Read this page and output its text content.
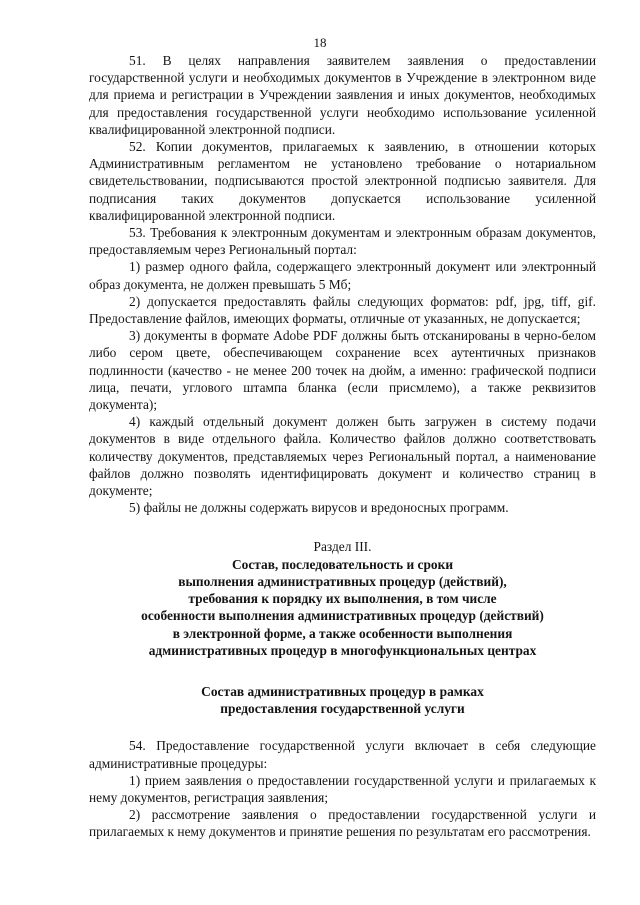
18

51. В целях направления заявителем заявления о предоставлении государственной услуги и необходимых документов в Учреждение в электронном виде для приема и регистрации в Учреждении заявления и иных документов, необходимых для предоставления государственной услуги необходимо использование усиленной квалифицированной электронной подписи.

52. Копии документов, прилагаемых к заявлению, в отношении которых Административным регламентом не установлено требование о нотариальном свидетельствовании, подписываются простой электронной подписью заявителя. Для подписания таких документов допускается использование усиленной квалифицированной электронной подписи.

53. Требования к электронным документам и электронным образам документов, предоставляемым через Региональный портал:

1) размер одного файла, содержащего электронный документ или электронный образ документа, не должен превышать 5 Мб;

2) допускается предоставлять файлы следующих форматов: pdf, jpg, tiff, gif. Предоставление файлов, имеющих форматы, отличные от указанных, не допускается;

3) документы в формате Adobe PDF должны быть отсканированы в черно-белом либо сером цвете, обеспечивающем сохранение всех аутентичных признаков подлинности (качество - не менее 200 точек на дюйм, а именно: графической подписи лица, печати, углового штампа бланка (если присмлемо), а также реквизитов документа);

4) каждый отдельный документ должен быть загружен в систему подачи документов в виде отдельного файла. Количество файлов должно соответствовать количеству документов, представляемых через Региональный портал, а наименование файлов должно позволять идентифицировать документ и количество страниц в документе;

5) файлы не должны содержать вирусов и вредоносных программ.

Раздел III.
Состав, последовательность и сроки
выполнения административных процедур (действий),
требования к порядку их выполнения, в том числе
особенности выполнения административных процедур (действий)
в электронной форме, а также особенности выполнения
административных процедур в многофункциональных центрах
Состав административных процедур в рамках
предоставления государственной услуги

54. Предоставление государственной услуги включает в себя следующие административные процедуры:

1) прием заявления о предоставлении государственной услуги и прилагаемых к нему документов, регистрация заявления;

2) рассмотрение заявления о предоставлении государственной услуги и прилагаемых к нему документов и принятие решения по результатам его рассмотрения.
